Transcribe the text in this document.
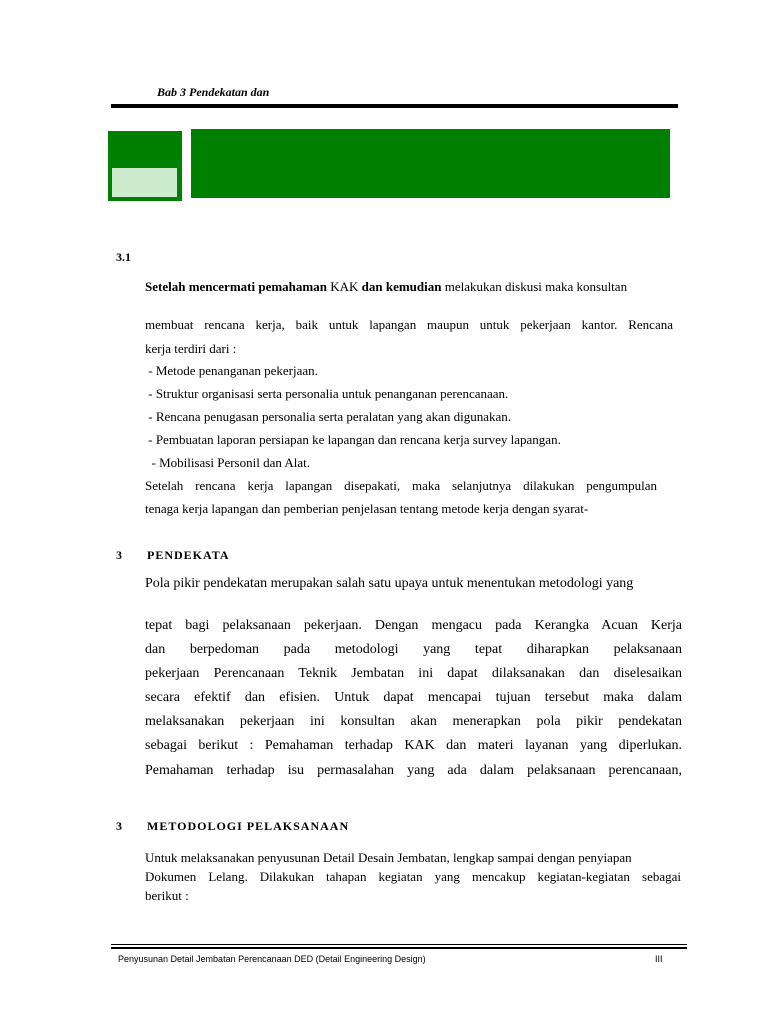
Bab 3 Pendekatan dan
3.1
Setelah mencermati pemahaman KAK dan kemudian melakukan diskusi maka konsultan
membuat rencana kerja, baik untuk lapangan maupun untuk pekerjaan kantor. Rencana
kerja terdiri dari :
- Metode penanganan pekerjaan.
- Struktur organisasi serta personalia untuk penanganan perencanaan.
- Rencana penugasan personalia serta peralatan yang akan digunakan.
- Pembuatan laporan persiapan ke lapangan dan rencana kerja survey lapangan.
- Mobilisasi Personil dan Alat.
Setelah rencana kerja lapangan disepakati, maka selanjutnya dilakukan pengumpulan
tenaga kerja lapangan dan pemberian penjelasan tentang metode kerja dengan syarat-
3	PENDEKATA
Pola pikir pendekatan merupakan salah satu upaya untuk menentukan metodologi yang
tepat bagi pelaksanaan pekerjaan. Dengan mengacu pada Kerangka Acuan Kerja
dan berpedoman pada metodologi yang tepat diharapkan pelaksanaan
pekerjaan Perencanaan Teknik Jembatan ini dapat dilaksanakan dan diselesaikan
secara efektif dan efisien. Untuk dapat mencapai tujuan tersebut maka dalam
melaksanakan pekerjaan ini konsultan akan menerapkan pola pikir pendekatan
sebagai berikut : Pemahaman terhadap KAK dan materi layanan yang diperlukan.
Pemahaman terhadap isu permasalahan yang ada dalam pelaksanaan perencanaan,
3	METODOLOGI PELAKSANAAN
Untuk melaksanakan penyusunan Detail Desain Jembatan, lengkap sampai dengan penyiapan
Dokumen Lelang. Dilakukan tahapan kegiatan yang mencakup kegiatan-kegiatan sebagai
berikut :
Penyusunan Detail Jembatan Perencanaan DED (Detail Engineering Design)	III
